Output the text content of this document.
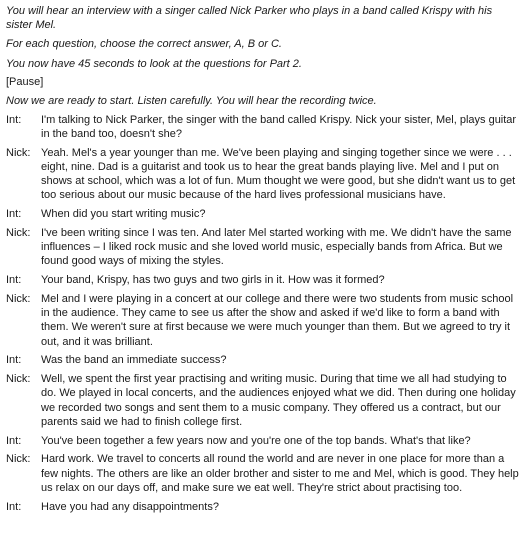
You will hear an interview with a singer called Nick Parker who plays in a band called Krispy with his sister Mel.

For each question, choose the correct answer, A, B or C.

You now have 45 seconds to look at the questions for Part 2.

[Pause]

Now we are ready to start. Listen carefully. You will hear the recording twice.

Int:	I'm talking to Nick Parker, the singer with the band called Krispy. Nick your sister, Mel, plays guitar in the band too, doesn't she?

Nick: Yeah. Mel's a year younger than me. We've been playing and singing together since we were . . . eight, nine. Dad is a guitarist and took us to hear the great bands playing live. Mel and I put on shows at school, which was a lot of fun. Mum thought we were good, but she didn't want us to get too serious about our music because of the hard lives professional musicians have.

Int:	When did you start writing music?

Nick: I've been writing since I was ten. And later Mel started working with me. We didn't have the same influences – I liked rock music and she loved world music, especially bands from Africa. But we found good ways of mixing the styles.

Int:	Your band, Krispy, has two guys and two girls in it. How was it formed?

Nick: Mel and I were playing in a concert at our college and there were two students from music school in the audience. They came to see us after the show and asked if we'd like to form a band with them. We weren't sure at first because we were much younger than them. But we agreed to try it out, and it was brilliant.

Int:	Was the band an immediate success?

Nick: Well, we spent the first year practising and writing music. During that time we all had studying to do. We played in local concerts, and the audiences enjoyed what we did. Then during one holiday we recorded two songs and sent them to a music company. They offered us a contract, but our parents said we had to finish college first.

Int:	You've been together a few years now and you're one of the top bands. What's that like?

Nick: Hard work. We travel to concerts all round the world and are never in one place for more than a few nights. The others are like an older brother and sister to me and Mel, which is good. They help us relax on our days off, and make sure we eat well. They're strict about practising too.

Int:	Have you had any disappointments?
